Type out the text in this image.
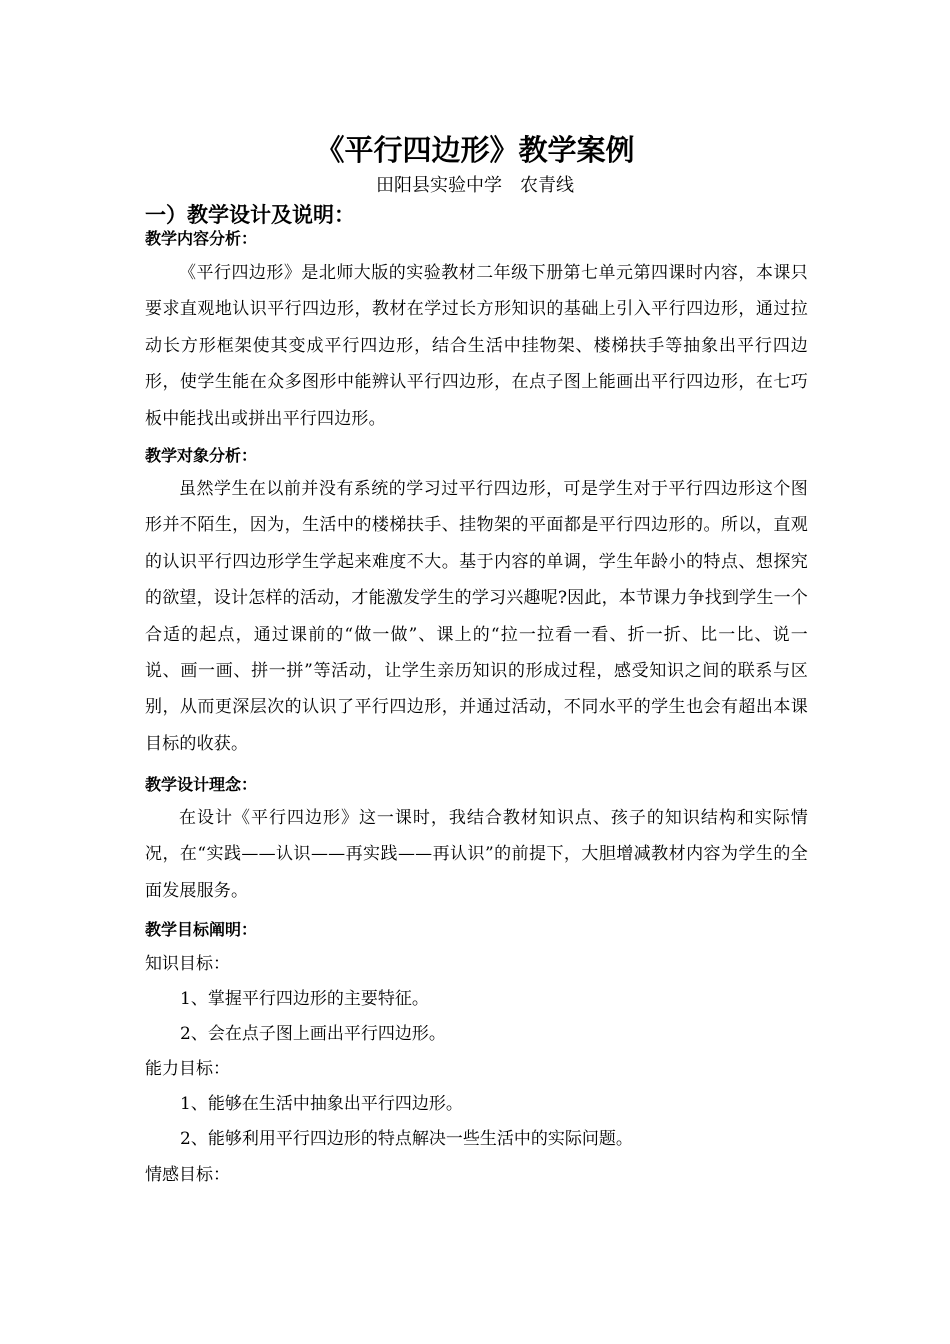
《平行四边形》教学案例
田阳县实验中学　农青线
一）教学设计及说明：
教学内容分析：
《平行四边形》是北师大版的实验教材二年级下册第七单元第四课时内容，本课只要求直观地认识平行四边形，教材在学过长方形知识的基础上引入平行四边形，通过拉动长方形框架使其变成平行四边形，结合生活中挂物架、楼梯扶手等抽象出平行四边形，使学生能在众多图形中能辨认平行四边形，在点子图上能画出平行四边形，在七巧板中能找出或拼出平行四边形。
教学对象分析：
虽然学生在以前并没有系统的学习过平行四边形，可是学生对于平行四边形这个图形并不陌生，因为，生活中的楼梯扶手、挂物架的平面都是平行四边形的。所以，直观的认识平行四边形学生学起来难度不大。基于内容的单调，学生年龄小的特点、想探究的欲望，设计怎样的活动，才能激发学生的学习兴趣呢?因此，本节课力争找到学生一个合适的起点，通过课前的“做一做”、课上的“拉一拉看一看、折一折、比一比、说一说、画一画、拼一拼”等活动，让学生亲历知识的形成过程，感受知识之间的联系与区别，从而更深层次的认识了平行四边形，并通过活动，不同水平的学生也会有超出本课目标的收获。
教学设计理念：
在设计《平行四边形》这一课时，我结合教材知识点、孩子的知识结构和实际情况，在“实践——认识——再实践——再认识”的前提下，大胆增减教材内容为学生的全面发展服务。
教学目标阐明：
知识目标：
1、掌握平行四边形的主要特征。
2、会在点子图上画出平行四边形。
能力目标：
1、能够在生活中抽象出平行四边形。
2、能够利用平行四边形的特点解决一些生活中的实际问题。
情感目标：
